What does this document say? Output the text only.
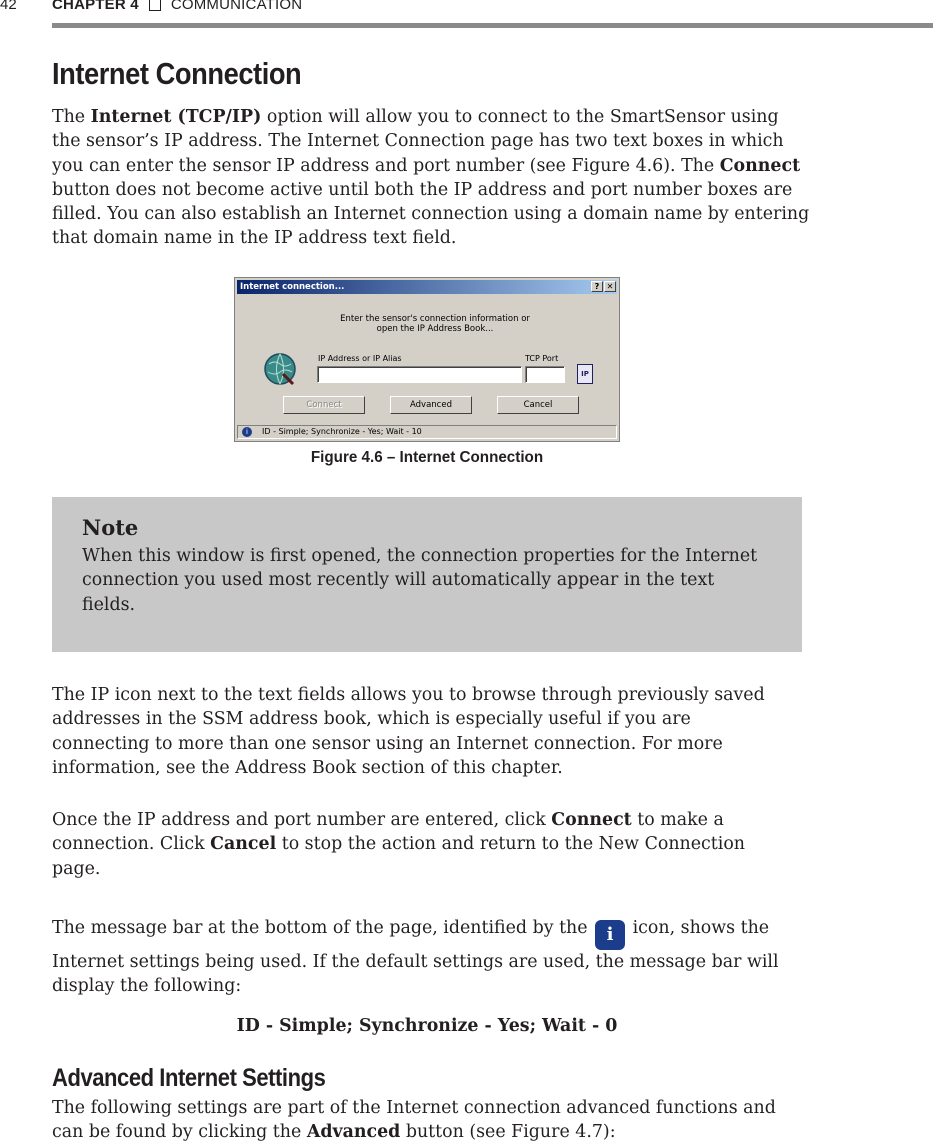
42 CHAPTER 4 COMMUNICATION
Internet Connection

The Internet (TCP/IP) option will allow you to connect to the SmartSensor using the sensor’s IP address. The Internet Connection page has two text boxes in which you can enter the sensor IP address and port number (see Figure 4.6). The Connect button does not become active until both the IP address and port number boxes are filled. You can also establish an Internet connection using a domain name by entering that domain name in the IP address text field.

Internet connection...	? ✕
Enter the sensor's connection information or
open the IP Address Book...
IP Address or IP Alias	TCP Port
IP
Connect	Advanced	Cancel
i	ID - Simple; Synchronize - Yes; Wait - 10
Figure 4.6 – Internet Connection

Note

When this window is first opened, the connection properties for the Internet connection you used most recently will automatically appear in the text fields.

The IP icon next to the text fields allows you to browse through previously saved addresses in the SSM address book, which is especially useful if you are connecting to more than one sensor using an Internet connection. For more information, see the Address Book section of this chapter.

Once the IP address and port number are entered, click Connect to make a connection. Click Cancel to stop the action and return to the New Connection page.

The message bar at the bottom of the page, identified by the i icon, shows the Internet settings being used. If the default settings are used, the message bar will display the following:

ID - Simple; Synchronize - Yes; Wait - 0
Advanced Internet Settings

The following settings are part of the Internet connection advanced functions and can be found by clicking the Advanced button (see Figure 4.7):
